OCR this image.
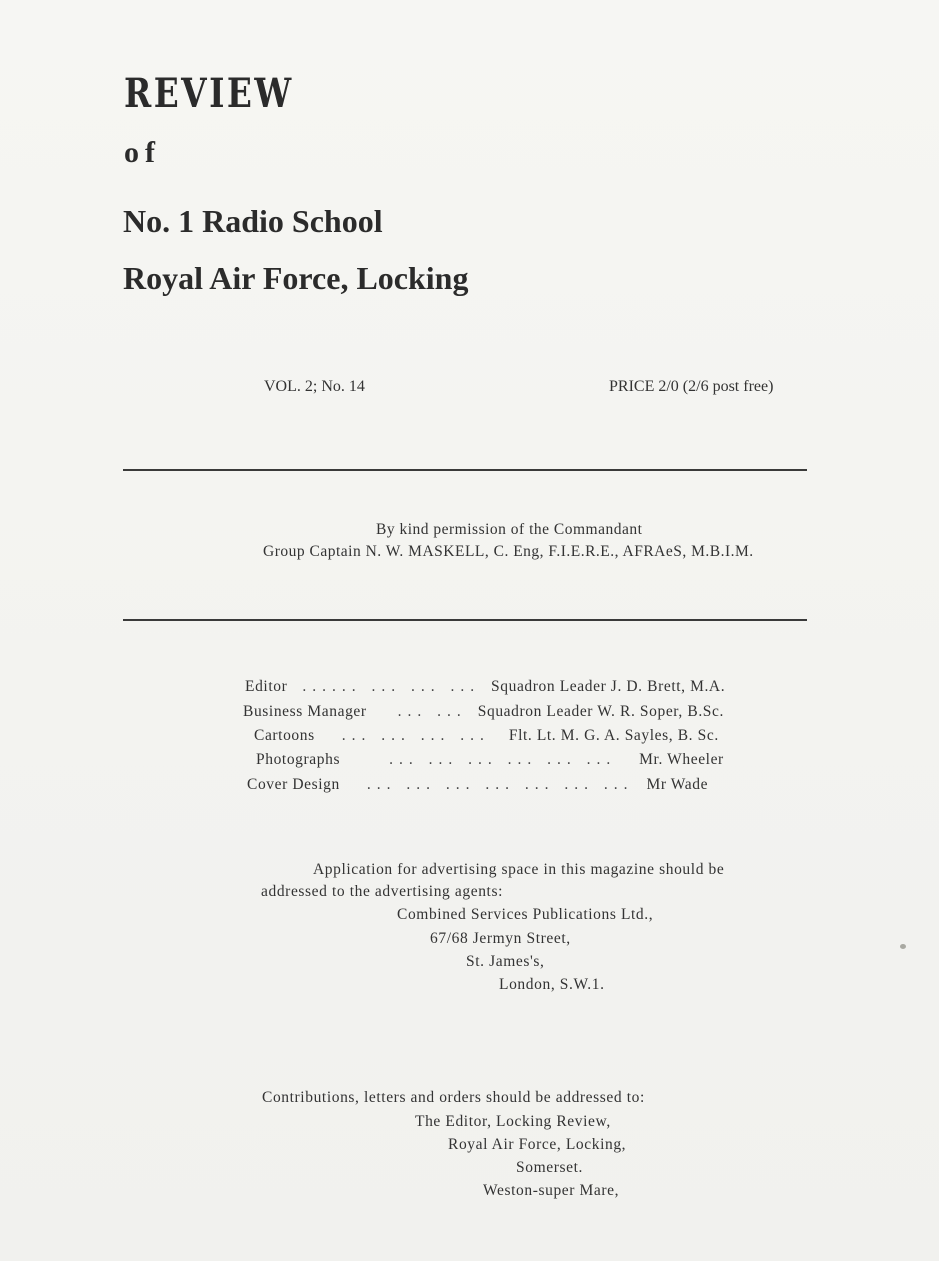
REVIEW
of
No. 1 Radio School
Royal Air Force, Locking
VOL. 2; No. 14	PRICE 2/0 (2/6 post free)
By kind permission of the Commandant
Group Captain N. W. MASKELL, C. Eng, F.I.E.R.E., AFRAeS, M.B.I.M.
Editor ...... ... ... ... Squadron Leader J. D. Brett, M.A.
Business Manager ... ... Squadron Leader W. R. Soper, B.Sc.
Cartoons ... ... ... ... Flt. Lt. M. G. A. Sayles, B. Sc.
Photographs	... ... ... ... ... ... Mr. Wheeler
Cover Design ... ... ... ... ... ... ... Mr Wade
Application for advertising space in this magazine should be
addressed to the advertising agents:
Combined Services Publications Ltd.,
67/68 Jermyn Street,
St. James's,
London, S.W.1.
Contributions, letters and orders should be addressed to:
The Editor, Locking Review,
Royal Air Force, Locking,
Somerset.
Weston-super Mare,
